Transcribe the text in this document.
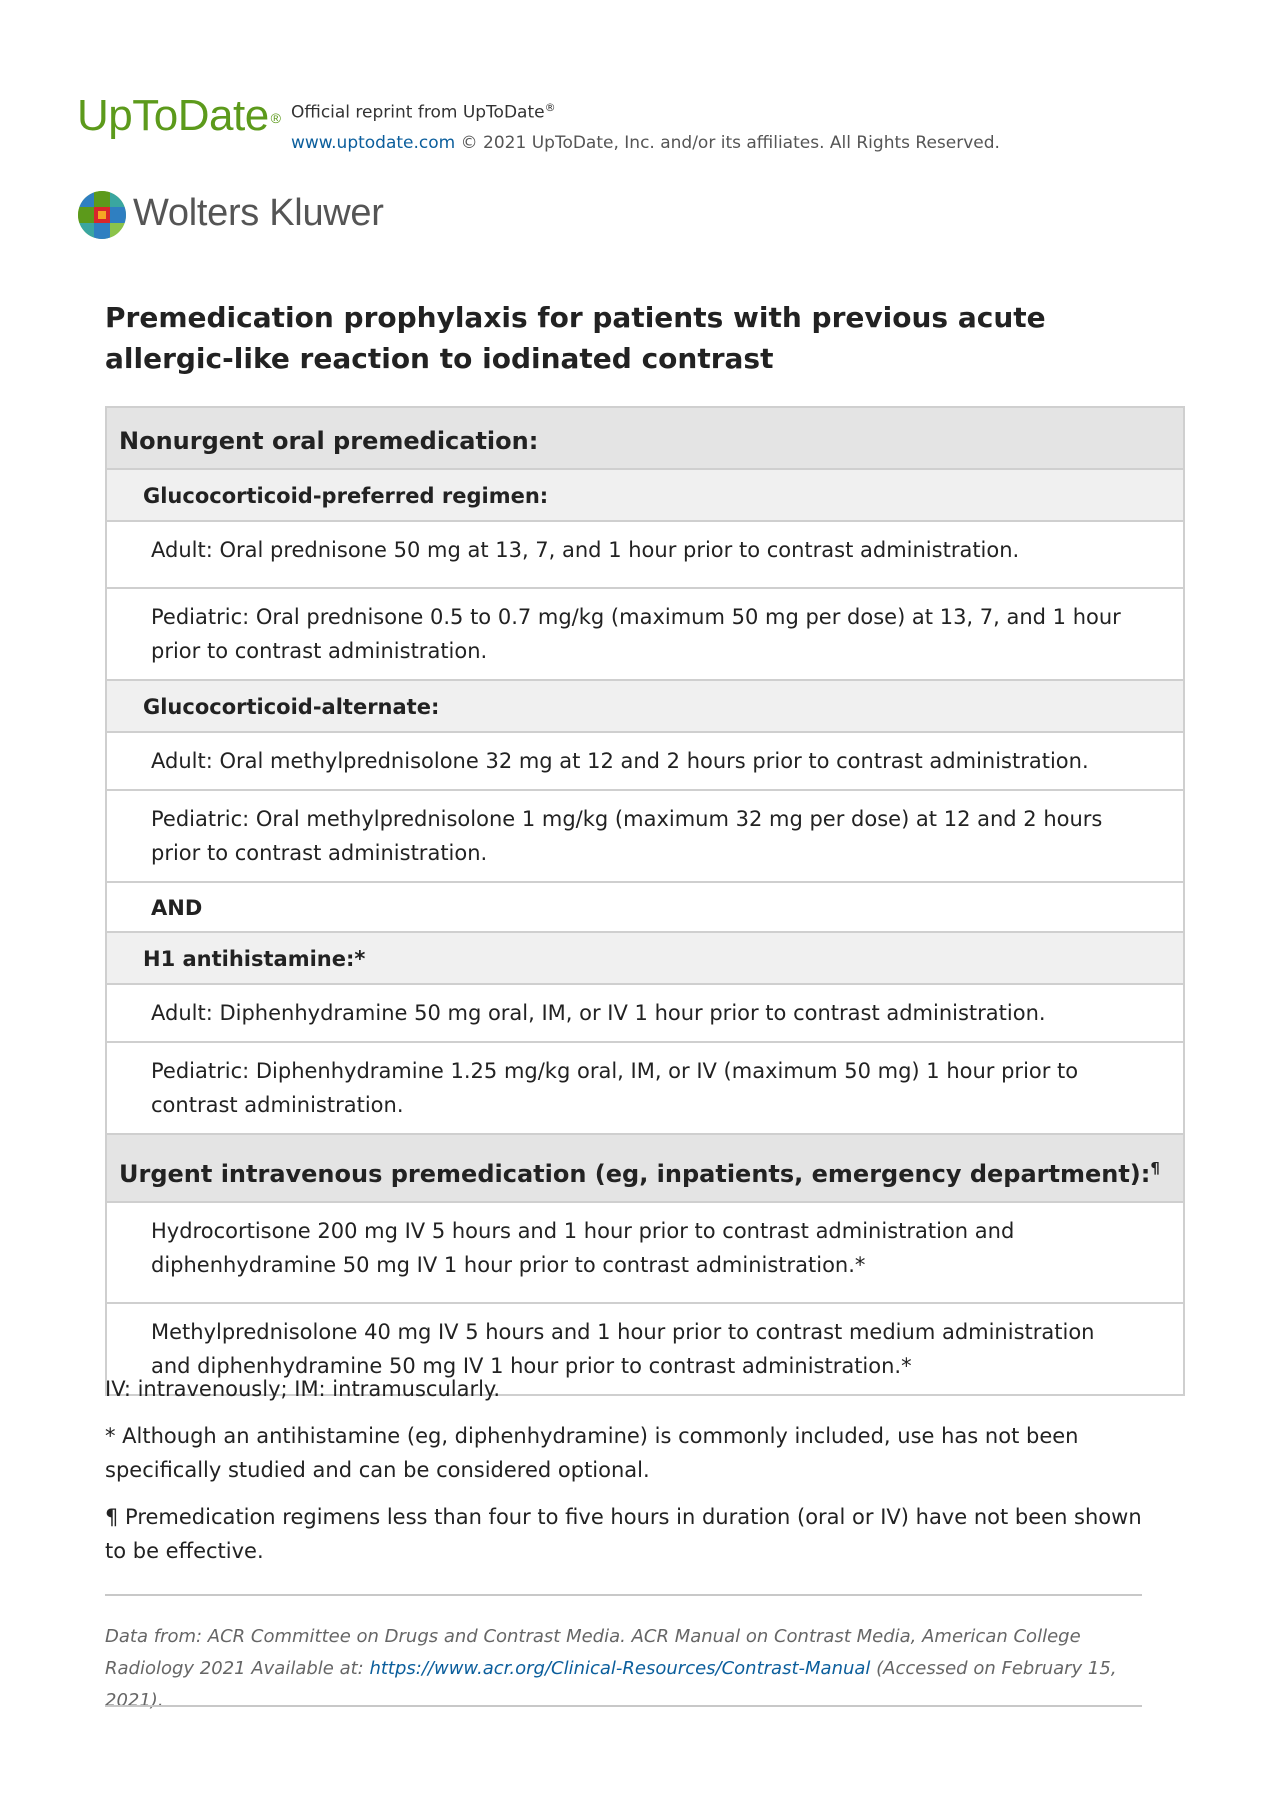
UpToDate ® Official reprint from UpToDate®
www.uptodate.com © 2021 UpToDate, Inc. and/or its affiliates. All Rights Reserved.
Wolters Kluwer
Premedication prophylaxis for patients with previous acute allergic-like reaction to iodinated contrast
Nonurgent oral premedication:
Glucocorticoid-preferred regimen:
Adult: Oral prednisone 50 mg at 13, 7, and 1 hour prior to contrast administration.
Pediatric: Oral prednisone 0.5 to 0.7 mg/kg (maximum 50 mg per dose) at 13, 7, and 1 hour prior to contrast administration.
Glucocorticoid-alternate:
Adult: Oral methylprednisolone 32 mg at 12 and 2 hours prior to contrast administration.
Pediatric: Oral methylprednisolone 1 mg/kg (maximum 32 mg per dose) at 12 and 2 hours prior to contrast administration.
AND
H1 antihistamine:*
Adult: Diphenhydramine 50 mg oral, IM, or IV 1 hour prior to contrast administration.
Pediatric: Diphenhydramine 1.25 mg/kg oral, IM, or IV (maximum 50 mg) 1 hour prior to contrast administration.
Urgent intravenous premedication (eg, inpatients, emergency department):¶
Hydrocortisone 200 mg IV 5 hours and 1 hour prior to contrast administration and diphenhydramine 50 mg IV 1 hour prior to contrast administration.*
Methylprednisolone 40 mg IV 5 hours and 1 hour prior to contrast medium administration and diphenhydramine 50 mg IV 1 hour prior to contrast administration.*

IV: intravenously; IM: intramuscularly.

* Although an antihistamine (eg, diphenhydramine) is commonly included, use has not been specifically studied and can be considered optional.

¶ Premedication regimens less than four to five hours in duration (oral or IV) have not been shown to be effective.

Data from: ACR Committee on Drugs and Contrast Media. ACR Manual on Contrast Media, American College Radiology 2021 Available at: https://www.acr.org/Clinical-Resources/Contrast-Manual (Accessed on February 15, 2021).
